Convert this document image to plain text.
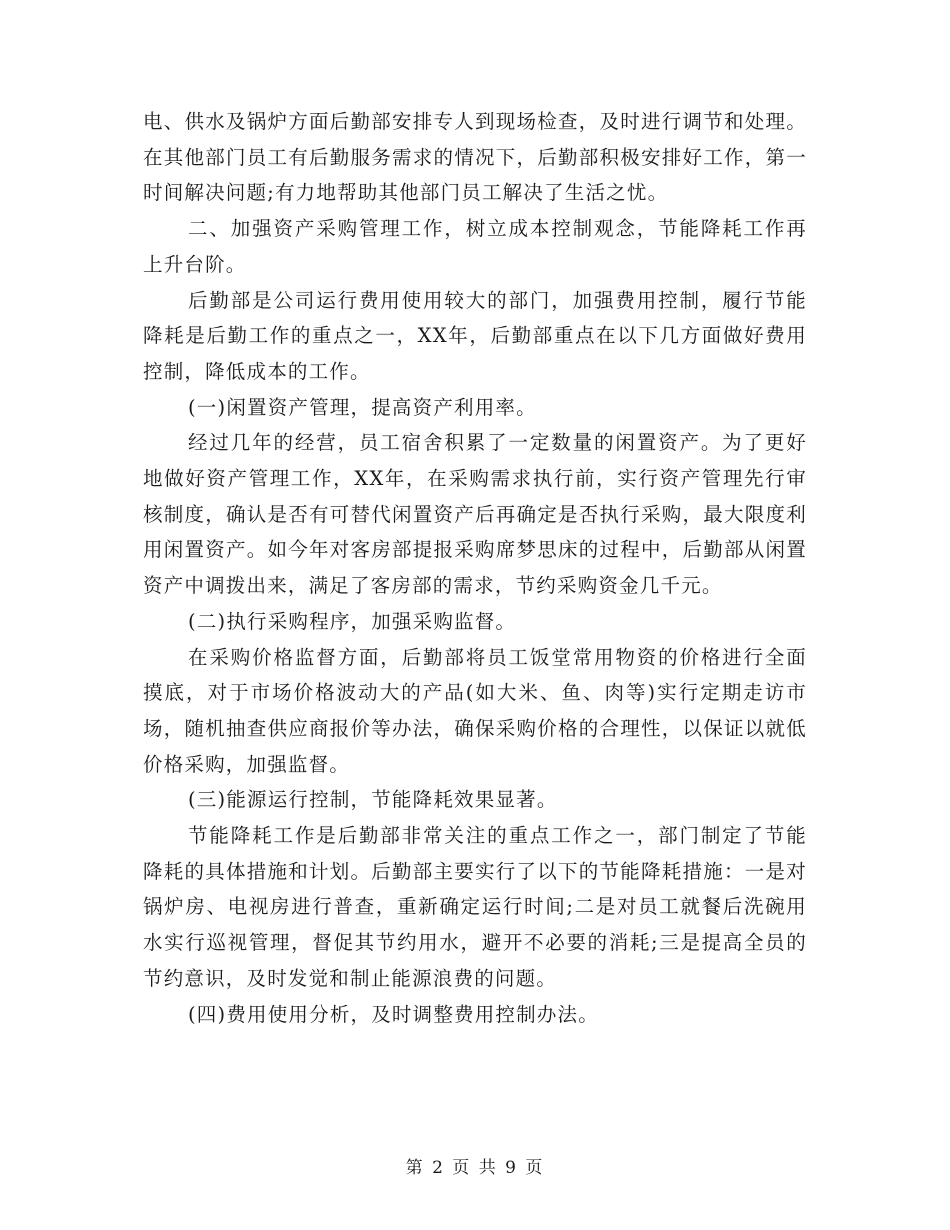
电、供水及锅炉方面后勤部安排专人到现场检查，及时进行调节和处理。在其他部门员工有后勤服务需求的情况下，后勤部积极安排好工作，第一时间解决问题;有力地帮助其他部门员工解决了生活之忧。

二、加强资产采购管理工作，树立成本控制观念，节能降耗工作再上升台阶。

后勤部是公司运行费用使用较大的部门，加强费用控制，履行节能降耗是后勤工作的重点之一，XX年，后勤部重点在以下几方面做好费用控制，降低成本的工作。

(一)闲置资产管理，提高资产利用率。

经过几年的经营，员工宿舍积累了一定数量的闲置资产。为了更好地做好资产管理工作，XX年，在采购需求执行前，实行资产管理先行审核制度，确认是否有可替代闲置资产后再确定是否执行采购，最大限度利用闲置资产。如今年对客房部提报采购席梦思床的过程中，后勤部从闲置资产中调拨出来，满足了客房部的需求，节约采购资金几千元。

(二)执行采购程序，加强采购监督。

在采购价格监督方面，后勤部将员工饭堂常用物资的价格进行全面摸底，对于市场价格波动大的产品(如大米、鱼、肉等)实行定期走访市场，随机抽查供应商报价等办法，确保采购价格的合理性，以保证以就低价格采购，加强监督。

(三)能源运行控制，节能降耗效果显著。

节能降耗工作是后勤部非常关注的重点工作之一，部门制定了节能降耗的具体措施和计划。后勤部主要实行了以下的节能降耗措施：一是对锅炉房、电视房进行普查，重新确定运行时间;二是对员工就餐后洗碗用水实行巡视管理，督促其节约用水，避开不必要的消耗;三是提高全员的节约意识，及时发觉和制止能源浪费的问题。

(四)费用使用分析，及时调整费用控制办法。

第 2 页 共 9 页
